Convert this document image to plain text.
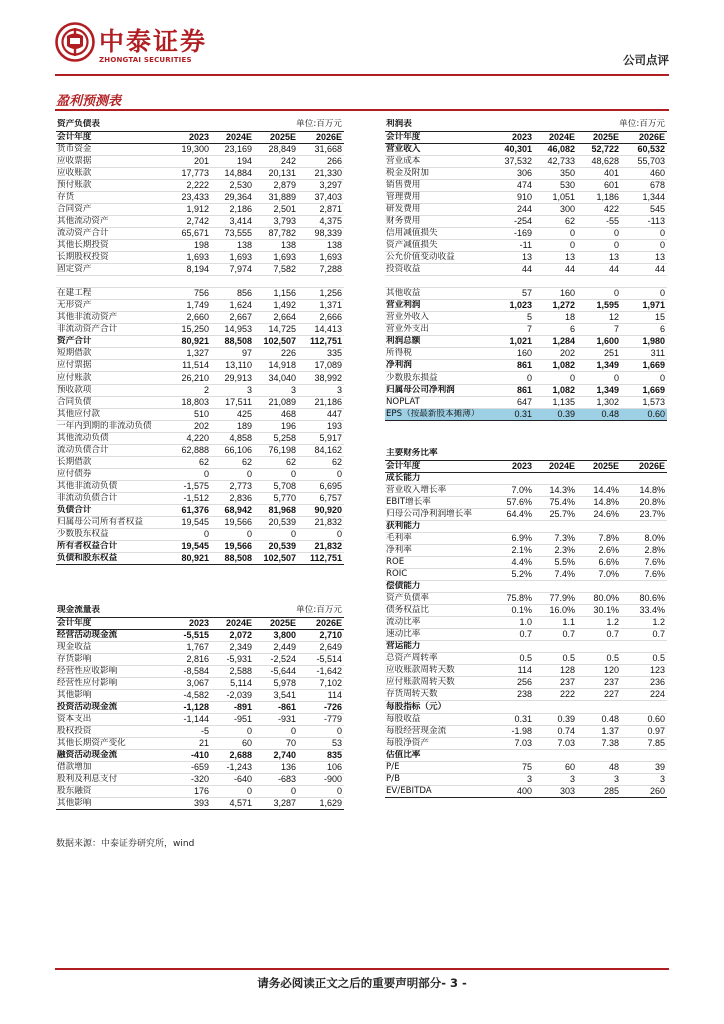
中泰证券
ZHONGTAI SECURITIES	公司点评
盈利预测表
资产负债表			单位:百万元	
会计年度	2023	2024E	2025E	2026E
货币资金	19,300	23,169	28,849	31,668
应收票据	201	194	242	266
应收账款	17,773	14,884	20,131	21,330
预付账款	2,222	2,530	2,879	3,297
存货	23,433	29,364	31,889	37,403
合同资产	1,912	2,186	2,501	2,871
其他流动资产	2,742	3,414	3,793	4,375
流动资产合计	65,671	73,555	87,782	98,339
其他长期投资	198	138	138	138
长期股权投资	1,693	1,693	1,693	1,693
固定资产	8,194	7,974	7,582	7,288

在建工程	756	856	1,156	1,256
无形资产	1,749	1,624	1,492	1,371
其他非流动资产	2,660	2,667	2,664	2,666
非流动资产合计	15,250	14,953	14,725	14,413
资产合计	80,921	88,508	102,507	112,751
短期借款	1,327	97	226	335
应付票据	11,514	13,110	14,918	17,089
应付账款	26,210	29,913	34,040	38,992
预收款项	2	3	3	3
合同负债	18,803	17,511	21,089	21,186
其他应付款	510	425	468	447
一年内到期的非流动负债	202	189	196	193
其他流动负债	4,220	4,858	5,258	5,917
流动负债合计	62,888	66,106	76,198	84,162
长期借款	62	62	62	62
应付债券	0	0	0	0
其他非流动负债	-1,575	2,773	5,708	6,695
非流动负债合计	-1,512	2,836	5,770	6,757
负债合计	61,376	68,942	81,968	90,920
归属母公司所有者权益	19,545	19,566	20,539	21,832
少数股东权益	0	0	0	0
所有者权益合计	19,545	19,566	20,539	21,832
负债和股东权益	80,921	88,508	102,507	112,751
现金流量表			单位:百万元	
会计年度	2023	2024E	2025E	2026E
经营活动现金流	-5,515	2,072	3,800	2,710
现金收益	1,767	2,349	2,449	2,649
存货影响	2,816	-5,931	-2,524	-5,514
经营性应收影响	-8,584	2,588	-5,644	-1,642
经营性应付影响	3,067	5,114	5,978	7,102
其他影响	-4,582	-2,039	3,541	114
投资活动现金流	-1,128	-891	-861	-726
资本支出	-1,144	-951	-931	-779
股权投资	-5	0	0	0
其他长期资产变化	21	60	70	53
融资活动现金流	-410	2,688	2,740	835
借款增加	-659	-1,243	136	106
股利及利息支付	-320	-640	-683	-900
股东融资	176	0	0	0
其他影响	393	4,571	3,287	1,629
利润表			单位:百万元	
会计年度	2023	2024E	2025E	2026E
营业收入	40,301	46,082	52,722	60,532
营业成本	37,532	42,733	48,628	55,703
税金及附加	306	350	401	460
销售费用	474	530	601	678
管理费用	910	1,051	1,186	1,344
研发费用	244	300	422	545
财务费用	-254	62	-55	-113
信用减值损失	-169	0	0	0
资产减值损失	-11	0	0	0
公允价值变动收益	13	13	13	13
投资收益	44	44	44	44

其他收益	57	160	0	0
营业利润	1,023	1,272	1,595	1,971
营业外收入	5	18	12	15
营业外支出	7	6	7	6
利润总额	1,021	1,284	1,600	1,980
所得税	160	202	251	311
净利润	861	1,082	1,349	1,669
少数股东损益	0	0	0	0
归属母公司净利润	861	1,082	1,349	1,669
NOPLAT	647	1,135	1,302	1,573
EPS（按最新股本摊薄）	0.31	0.39	0.48	0.60
主要财务比率				
会计年度	2023	2024E	2025E	2026E
成长能力				
营业收入增长率	7.0%	14.3%	14.4%	14.8%
EBIT增长率	57.6%	75.4%	14.8%	20.8%
归母公司净利润增长率	64.4%	25.7%	24.6%	23.7%
获利能力				
毛利率	6.9%	7.3%	7.8%	8.0%
净利率	2.1%	2.3%	2.6%	2.8%
ROE	4.4%	5.5%	6.6%	7.6%
ROIC	5.2%	7.4%	7.0%	7.6%
偿债能力				
资产负债率	75.8%	77.9%	80.0%	80.6%
债务权益比	0.1%	16.0%	30.1%	33.4%
流动比率	1.0	1.1	1.2	1.2
速动比率	0.7	0.7	0.7	0.7
营运能力				
总资产周转率	0.5	0.5	0.5	0.5
应收账款周转天数	114	128	120	123
应付账款周转天数	256	237	237	236
存货周转天数	238	222	227	224
每股指标（元）				
每股收益	0.31	0.39	0.48	0.60
每股经营现金流	-1.98	0.74	1.37	0.97
每股净资产	7.03	7.03	7.38	7.85
估值比率				
P/E	75	60	48	39
P/B	3	3	3	3
EV/EBITDA	400	303	285	260
数据来源：中泰证券研究所，wind
请务必阅读正文之后的重要声明部分- 3 -
